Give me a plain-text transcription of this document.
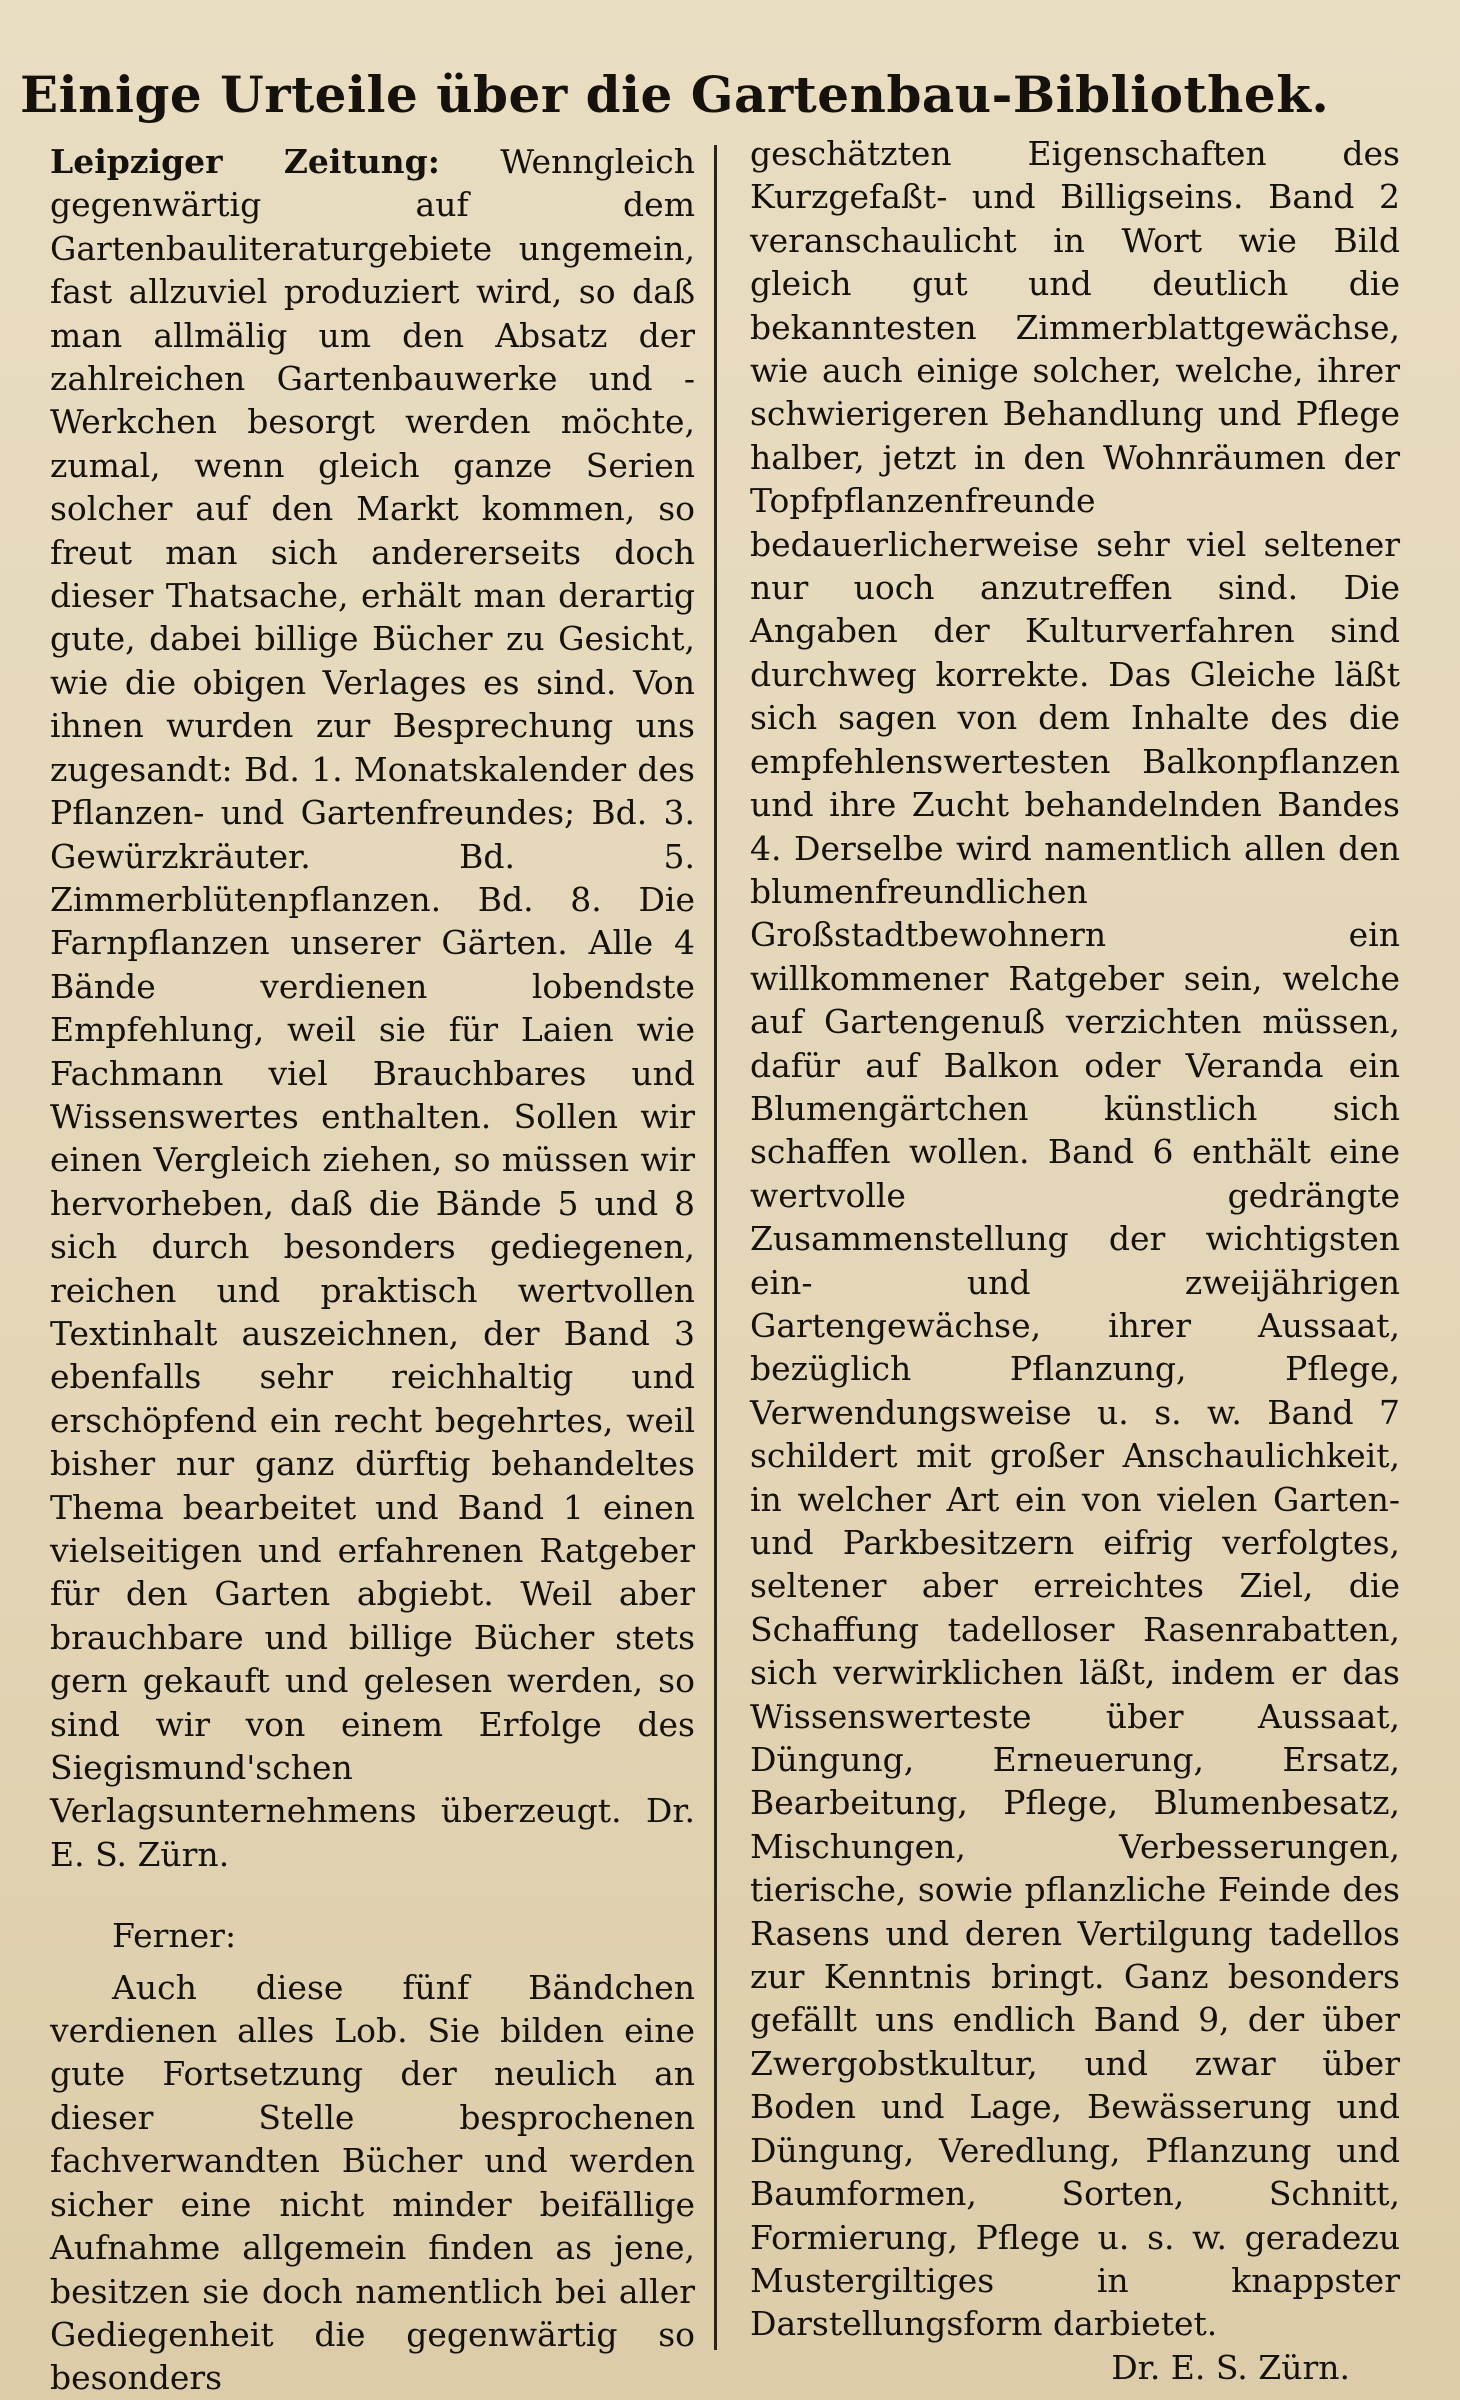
Einige Urteile über die Gartenbau-Bibliothek.

Leipziger Zeitung: Wenngleich gegenwärtig auf dem Gartenbauliteraturgebiete ungemein, fast allzuviel produziert wird, so daß man allmälig um den Absatz der zahlreichen Gartenbauwerke und -Werkchen besorgt werden möchte, zumal, wenn gleich ganze Serien solcher auf den Markt kommen, so freut man sich andererseits doch dieser Thatsache, erhält man derartig gute, dabei billige Bücher zu Gesicht, wie die obigen Verlages es sind. Von ihnen wurden zur Besprechung uns zugesandt: Bd. 1. Monatskalender des Pflanzen- und Gartenfreundes; Bd. 3. Gewürzkräuter. Bd. 5. Zimmerblütenpflanzen. Bd. 8. Die Farnpflanzen unserer Gärten. Alle 4 Bände verdienen lobendste Empfehlung, weil sie für Laien wie Fachmann viel Brauchbares und Wissenswertes enthalten. Sollen wir einen Vergleich ziehen, so müssen wir hervorheben, daß die Bände 5 und 8 sich durch besonders gediegenen, reichen und praktisch wertvollen Textinhalt auszeichnen, der Band 3 ebenfalls sehr reichhaltig und erschöpfend ein recht begehrtes, weil bisher nur ganz dürftig behandeltes Thema bearbeitet und Band 1 einen vielseitigen und erfahrenen Ratgeber für den Garten abgiebt. Weil aber brauchbare und billige Bücher stets gern gekauft und gelesen werden, so sind wir von einem Erfolge des Siegismund'schen Verlagsunternehmens überzeugt. Dr. E. S. Zürn.

Ferner:

Auch diese fünf Bändchen verdienen alles Lob. Sie bilden eine gute Fortsetzung der neulich an dieser Stelle besprochenen fachverwandten Bücher und werden sicher eine nicht minder beifällige Aufnahme allgemein finden as jene, besitzen sie doch namentlich bei aller Gediegenheit die gegenwärtig so besonders

geschätzten Eigenschaften des Kurzgefaßt- und Billigseins. Band 2 veranschaulicht in Wort wie Bild gleich gut und deutlich die bekanntesten Zimmerblattgewächse, wie auch einige solcher, welche, ihrer schwierigeren Behandlung und Pflege halber, jetzt in den Wohnräumen der Topfpflanzenfreunde bedauerlicherweise sehr viel seltener nur uoch anzutreffen sind. Die Angaben der Kulturverfahren sind durchweg korrekte. Das Gleiche läßt sich sagen von dem Inhalte des die empfehlenswertesten Balkonpflanzen und ihre Zucht behandelnden Bandes 4. Derselbe wird namentlich allen den blumenfreundlichen Großstadtbewohnern ein willkommener Ratgeber sein, welche auf Gartengenuß verzichten müssen, dafür auf Balkon oder Veranda ein Blumengärtchen künstlich sich schaffen wollen. Band 6 enthält eine wertvolle gedrängte Zusammenstellung der wichtigsten ein- und zweijährigen Gartengewächse, ihrer Aussaat, bezüglich Pflanzung, Pflege, Verwendungsweise u. s. w. Band 7 schildert mit großer Anschaulichkeit, in welcher Art ein von vielen Garten- und Parkbesitzern eifrig verfolgtes, seltener aber erreichtes Ziel, die Schaffung tadelloser Rasenrabatten, sich verwirklichen läßt, indem er das Wissenswerteste über Aussaat, Düngung, Erneuerung, Ersatz, Bearbeitung, Pflege, Blumenbesatz, Mischungen, Verbesserungen, tierische, sowie pflanzliche Feinde des Rasens und deren Vertilgung tadellos zur Kenntnis bringt. Ganz besonders gefällt uns endlich Band 9, der über Zwergobstkultur, und zwar über Boden und Lage, Bewässerung und Düngung, Veredlung, Pflanzung und Baumformen, Sorten, Schnitt, Formierung, Pflege u. s. w. geradezu Mustergiltiges in knappster Darstellungsform darbietet.

Dr. E. S. Zürn.
